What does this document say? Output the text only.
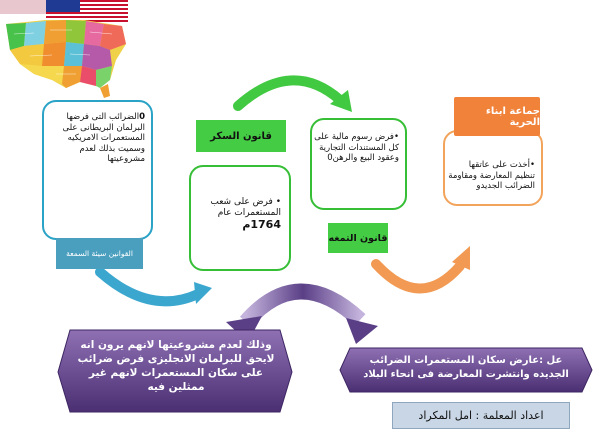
0الضرائب التى فرضها البرلمان البريطانى على المستعمرات الامريكيه وسميت بذلك لعدم مشروعيتها
• فرض على شعب المستعمرات عام
1764م
•فرض رسوم مالية على كل المستندات التجارية وعقود البيع والرهن0
•أخذت على عاتقها تنظيم المعارضة ومقاومة الضرائب الجديدو
القوانين سيئة السمعة
قانون السكر
قانون التمغه
جماعة ابناء الحرية
وذلك لعدم مشروعيتها لانهم يرون انه لايحق للبرلمان الانجليزى فرض ضرائب على سكان المستعمرات لانهم غير ممثلين فيه
عل :عارض سكان المستعمرات الضرائب الجديده وانتشرت المعارضة فى انحاء البلاد
اعداد المعلمة : امل المكراد
